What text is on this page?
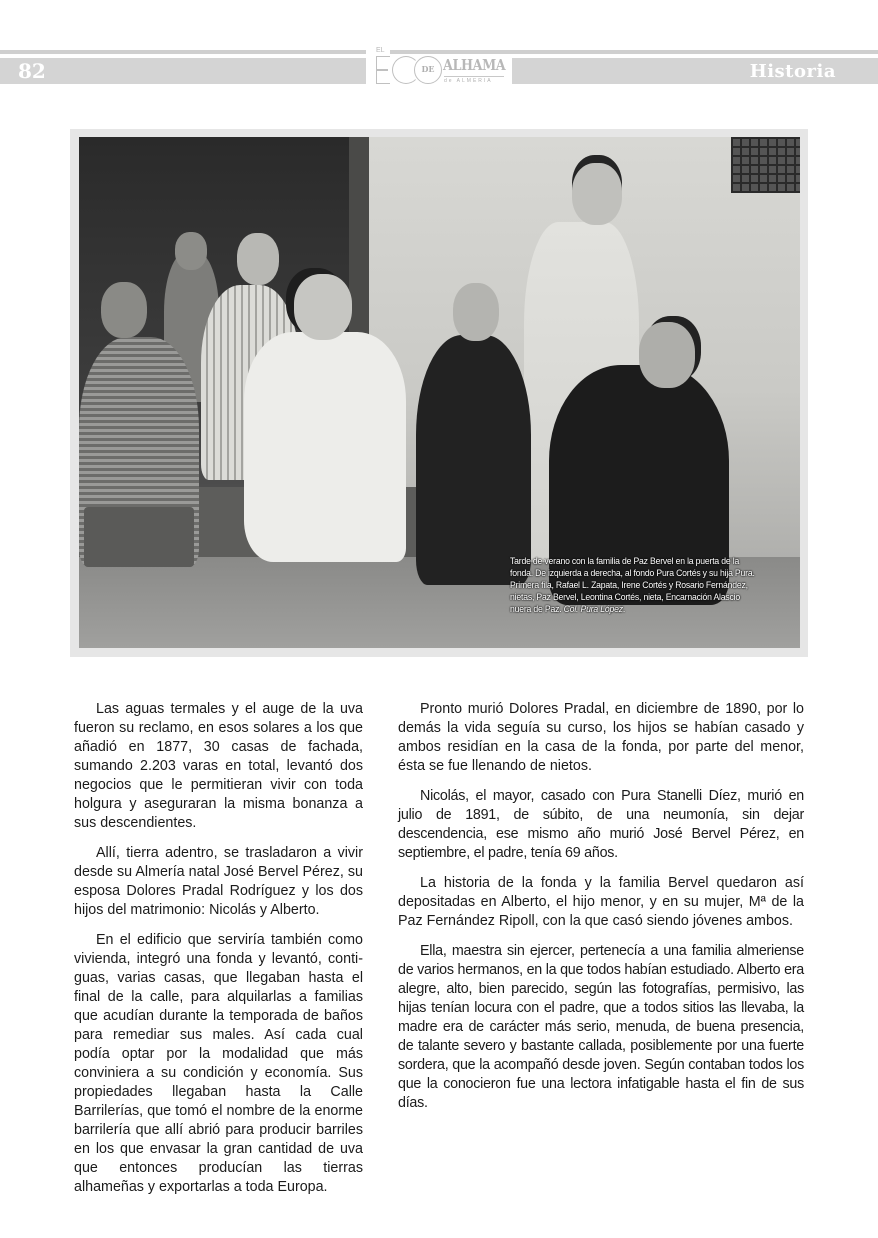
82	Historia
EL
DE ALHAMA
de ALMERIA
Tarde de verano con la familia de Paz Bervel en la puerta de la fonda. De izquierda a derecha, al fondo Pura Cortés y su hija Pura. Primera fila, Rafael L. Zapata, Irene Cortés y Rosario Fernández, nietas, Paz Bervel, Leontina Cortés, nieta, Encarnación Alascio nuera de Paz. Col. Pura López.

Las aguas termales y el auge de la uva fueron su reclamo, en esos solares a los que añadió en 1877, 30 casas de fachada, sumando 2.203 varas en total, levantó dos negocios que le permitieran vivir con toda holgura y aseguraran la misma bonanza a sus descendientes.

Allí, tierra adentro, se trasladaron a vivir desde su Almería natal José Bervel Pérez, su esposa Dolores Pradal Rodríguez y los dos hijos del matrimonio: Nicolás y Alberto.

En el edificio que serviría también como vivienda, integró una fonda y levantó, contiguas, varias casas, que llegaban hasta el final de la calle, para alquilarlas a familias que acudían durante la temporada de baños para remediar sus males. Así cada cual podía optar por la modalidad que más conviniera a su condición y economía. Sus propiedades llegaban hasta la Calle Barrilerías, que tomó el nombre de la enorme barrilería que allí abrió para producir barriles en los que envasar la gran cantidad de uva que entonces producían las tierras alhameñas y exportarlas a toda Europa.

Pronto murió Dolores Pradal, en diciembre de 1890, por lo demás la vida seguía su curso, los hijos se habían casado y ambos residían en la casa de la fonda, por parte del menor, ésta se fue llenando de nietos.

Nicolás, el mayor, casado con Pura Stanelli Díez, murió en julio de 1891, de súbito, de una neumonía, sin dejar descendencia, ese mismo año murió José Bervel Pérez, en septiembre, el padre, tenía 69 años.

La historia de la fonda y la familia Bervel quedaron así depositadas en Alberto, el hijo menor, y en su mujer, Mª de la Paz Fernández Ripoll, con la que casó siendo jóvenes ambos.

Ella, maestra sin ejercer, pertenecía a una familia almeriense de varios hermanos, en la que todos habían estudiado. Alberto era alegre, alto, bien parecido, según las fotografías, permisivo, las hijas tenían locura con el padre, que a todos sitios las llevaba, la madre era de carácter más serio, menuda, de buena presencia, de talante severo y bastante callada, posiblemente por una fuerte sordera, que la acompañó desde joven. Según contaban todos los que la conocieron fue una lectora infatigable hasta el fin de sus días.
